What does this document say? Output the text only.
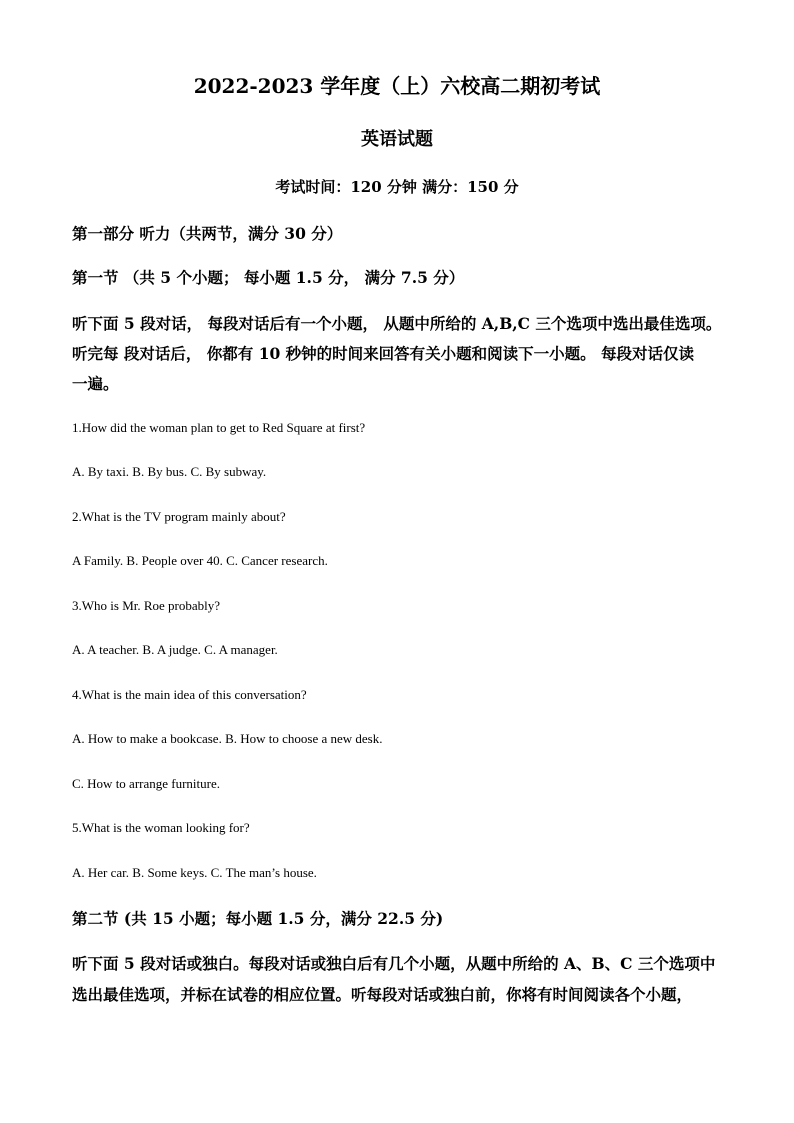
2022-2023 学年度（上）六校高二期初考试
英语试题
考试时间：120 分钟 满分：150 分
第一部分 听力（共两节，满分 30 分）
第一节 （共 5 个小题； 每小题 1.5 分， 满分 7.5 分）
听下面 5 段对话， 每段对话后有一个小题， 从题中所给的 A,B,C 三个选项中选出最佳选项。
听完每 段对话后， 你都有 10 秒钟的时间来回答有关小题和阅读下一小题。 每段对话仅读
一遍。
1.How did the woman plan to get to Red Square at first?
A. By taxi. B. By bus. C. By subway.
2.What is the TV program mainly about?
A Family. B. People over 40. C. Cancer research.
3.Who is Mr. Roe probably?
A. A teacher. B. A judge. C. A manager.
4.What is the main idea of this conversation?
A. How to make a bookcase. B. How to choose a new desk.
C. How to arrange furniture.
5.What is the woman looking for?
A. Her car. B. Some keys. C. The man’s house.
第二节 (共 15 小题；每小题 1.5 分，满分 22.5 分)
听下面 5 段对话或独白。每段对话或独白后有几个小题，从题中所给的 A、B、C 三个选项中
选出最佳选项，并标在试卷的相应位置。听每段对话或独白前，你将有时间阅读各个小题，
